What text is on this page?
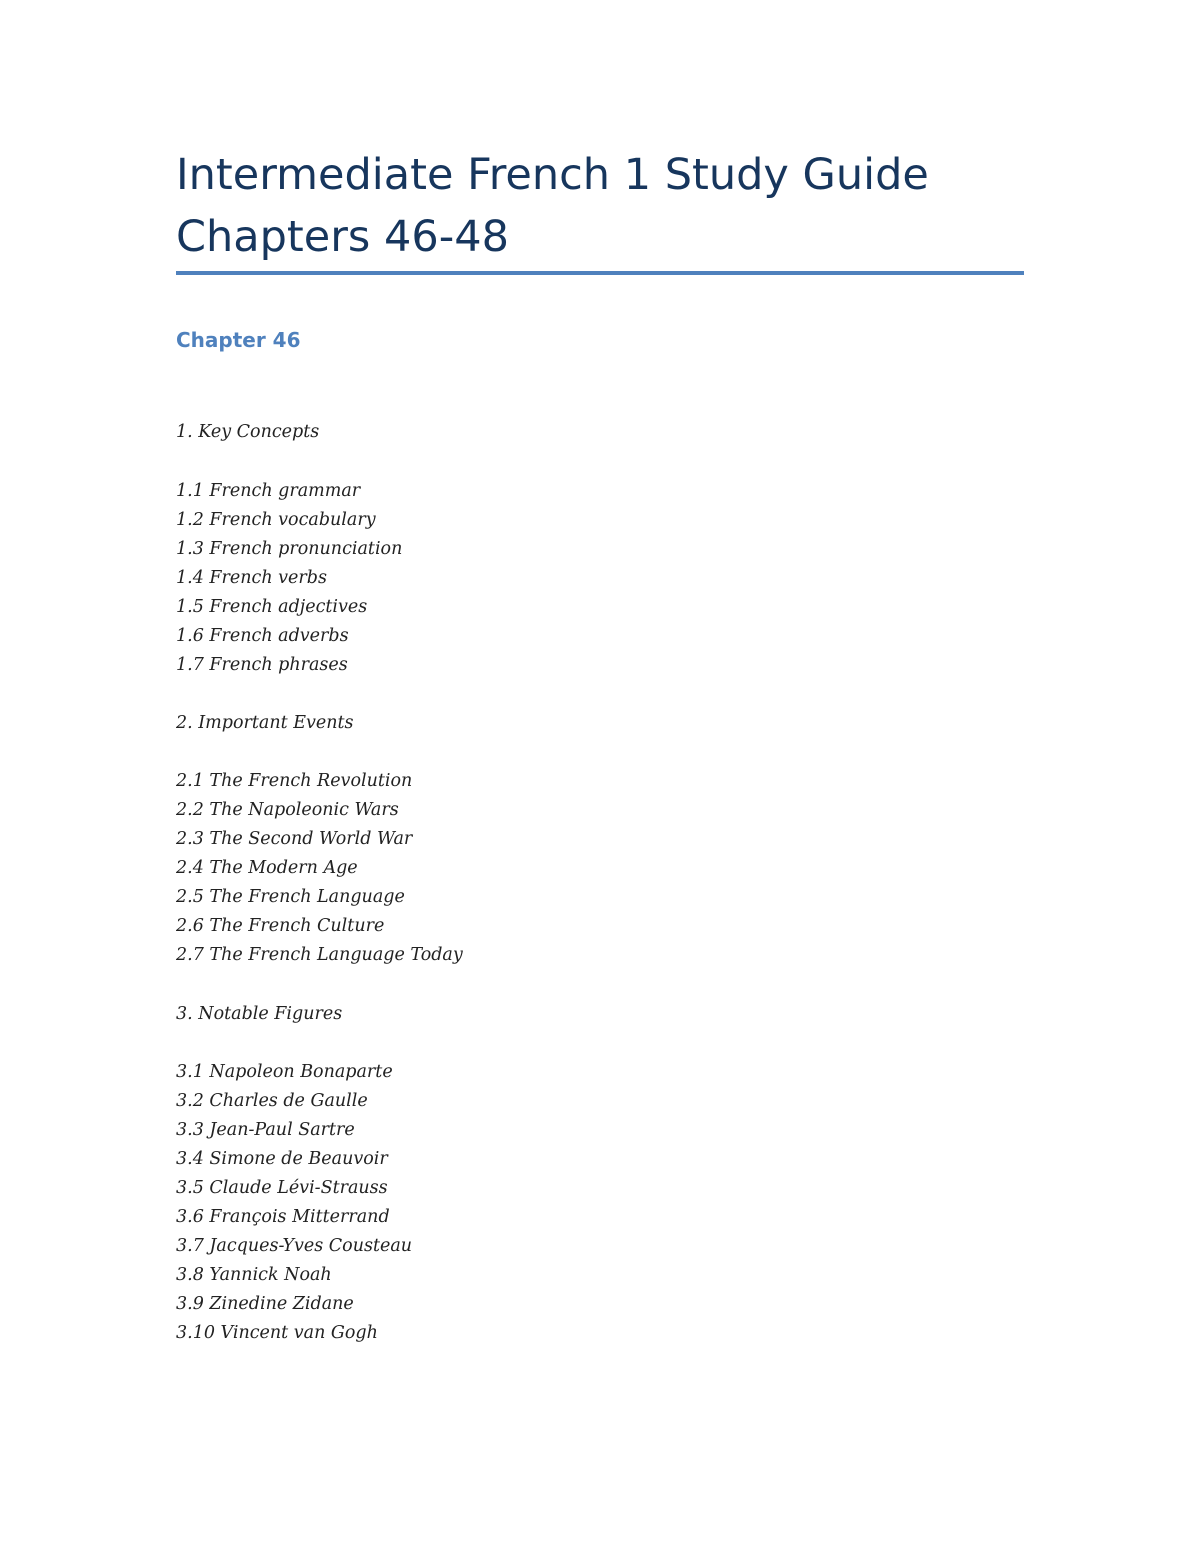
Intermediate French 1 Study Guide
Chapters 46-48
Chapter 46

1. Key Concepts

1.1 French grammar

1.2 French vocabulary

1.3 French pronunciation

1.4 French verbs

1.5 French adjectives

1.6 French adverbs

1.7 French phrases

2. Important Events

2.1 The French Revolution

2.2 The Napoleonic Wars

2.3 The Second World War

2.4 The Modern Age

2.5 The French Language

2.6 The French Culture

2.7 The French Language Today

3. Notable Figures

3.1 Napoleon Bonaparte

3.2 Charles de Gaulle

3.3 Jean-Paul Sartre

3.4 Simone de Beauvoir

3.5 Claude Lévi-Strauss

3.6 François Mitterrand

3.7 Jacques-Yves Cousteau

3.8 Yannick Noah

3.9 Zinedine Zidane

3.10 Vincent van Gogh
